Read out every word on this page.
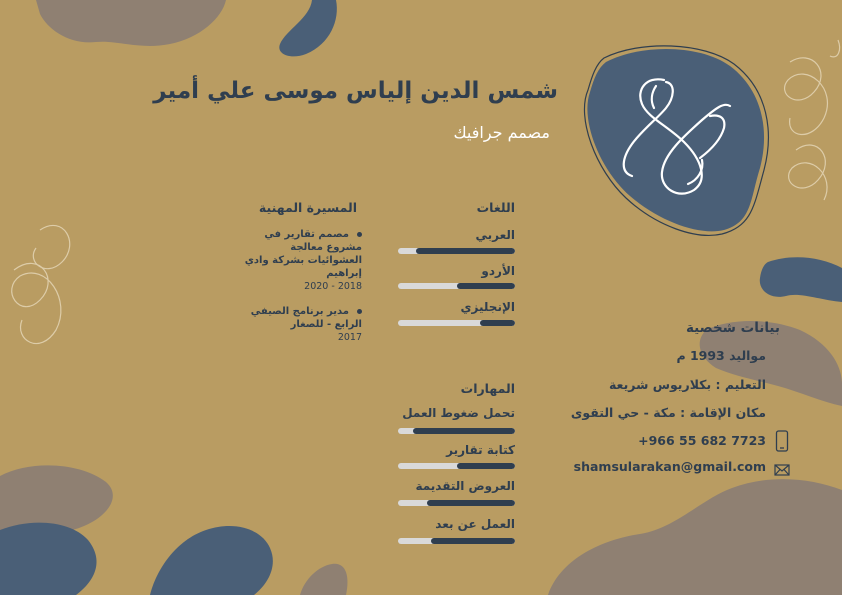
شمس الدين إلياس موسى علي أمير
مصمم جرافيك
اللغات
العربي
الأردو
الإنجليزي
المسيرة المهنية
مصمم تقارير في مشروع معالجة العشوائيات بشركة وادي إبراهيم
2018 - 2020
مدير برنامج الصيفي الرابع - للصغار
2017
المهارات
تحمل ضغوط العمل
كتابة تقارير
العروض التقديمة
العمل عن بعد
بيانات شخصية
مواليد 1993 م
التعليم : بكلاريوس شريعة
مكان الإقامة : مكة - حي التقوى
+966 55 682 7723
shamsularakan@gmail.com
